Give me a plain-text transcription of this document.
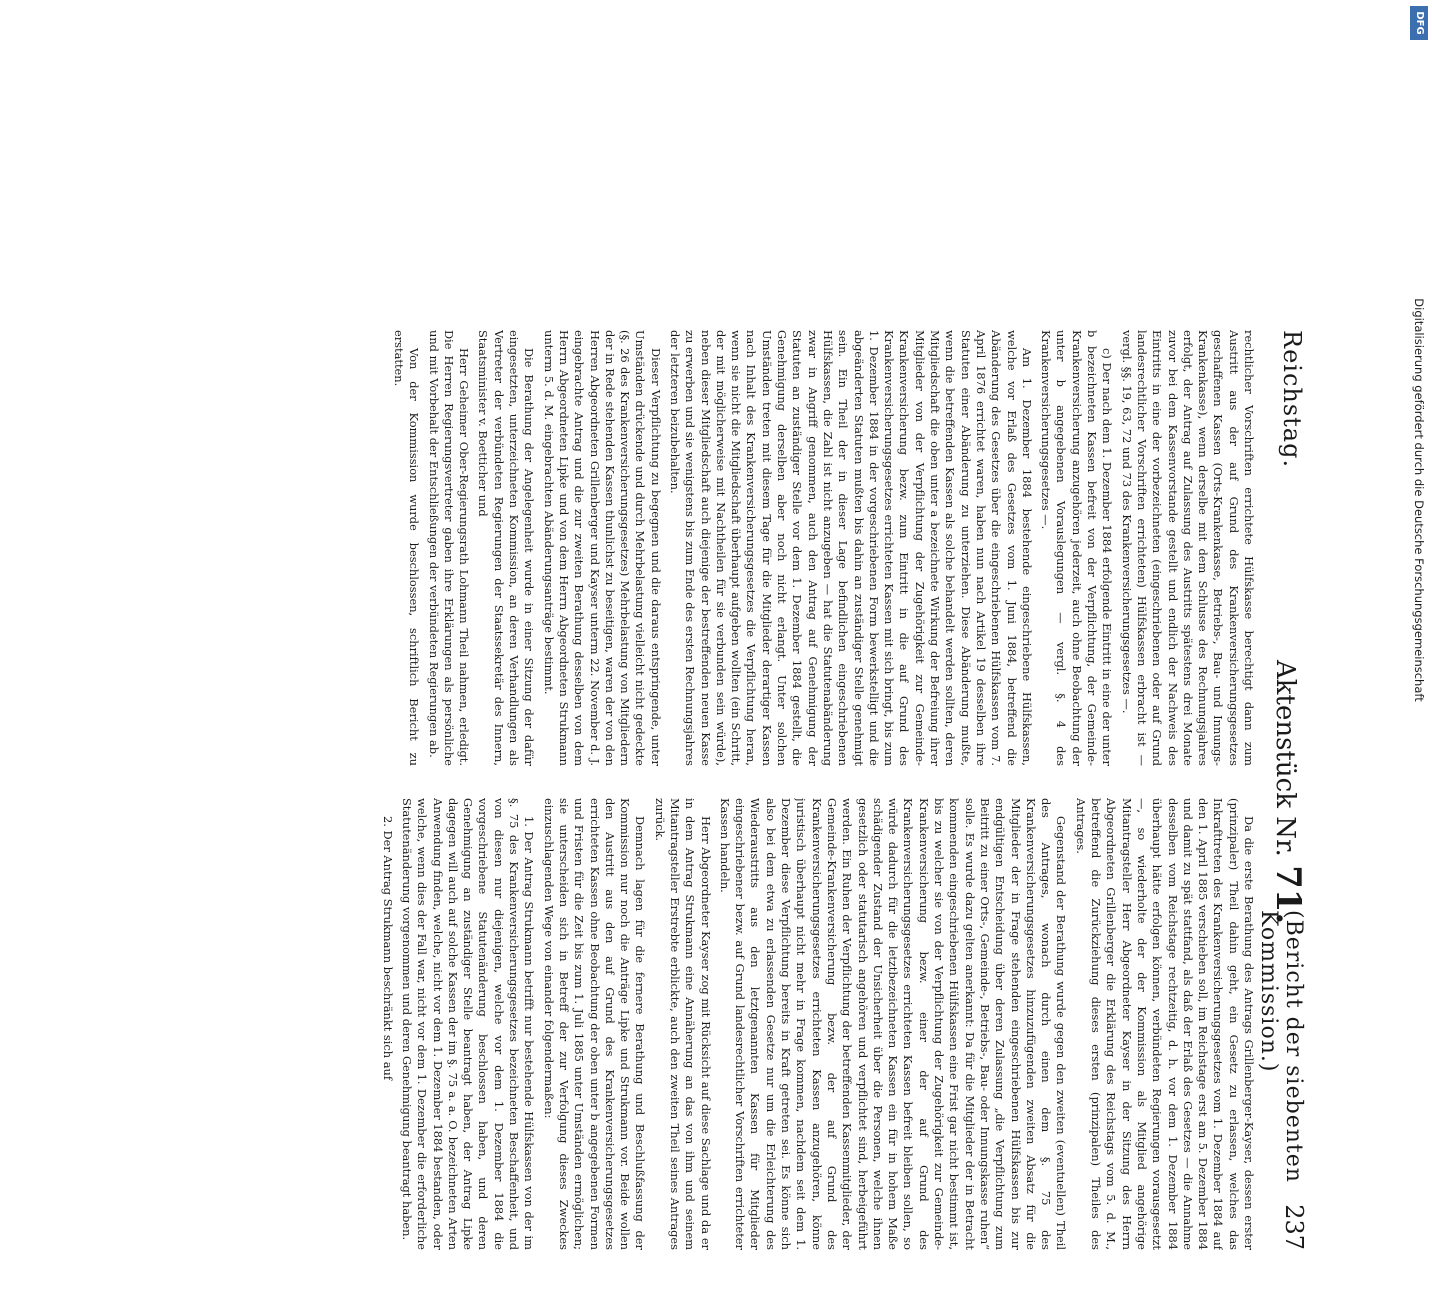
Reichstag.
Aktenstück Nr. 71.
(Bericht der siebenten Kommission.)
237

rechtlicher Vorschriften errichtete Hülfskasse berechtigt dann zum Austritt aus der auf Grund des Krankenversicherungsgesetzes geschaffenen Kassen (Orts-Krankenkasse, Betriebs-, Bau- und Innungs-Krankenkasse), wenn derselbe mit dem Schlusse des Rechnungsjahres erfolgt, der Antrag auf Zulassung des Austritts spätestens drei Monate zuvor bei dem Kassenvorstande gestellt und endlich der Nachweis des Eintritts in eine der vorbezeichneten (eingeschriebenen oder auf Grund landesrechtlicher Vorschriften errichteten) Hülfskassen erbracht ist — vergl. §§. 19, 63, 72 und 73 des Krankenversicherungsgesetzes —.

c) Der nach dem 1. Dezember 1884 erfolgende Eintritt in eine der unter b bezeichneten Kassen befreit von der Verpflichtung, der Gemeinde-Krankenversicherung anzugehören jederzeit, auch ohne Beobachtung der unter b angegebenen Vorauslegungen — vergl. §. 4 des Krankenversicherungsgesetzes —.

Am 1. Dezember 1884 bestehende eingeschriebene Hülfskassen, welche vor Erlaß des Gesetzes vom 1. Juni 1884, betreffend die Abänderung des Gesetzes über die eingeschriebenen Hülfskassen vom 7. April 1876 errichtet waren, haben nun nach Artikel 19 desselben ihre Statuten einer Abänderung zu unterziehen. Diese Abänderung mußte, wenn die betreffenden Kassen als solche behandelt werden sollten, deren Mitgliedschaft die oben unter a bezeichnete Wirkung der Befreiung ihrer Mitglieder von der Verpflichtung der Zugehörigkeit zur Gemeinde-Krankenversicherung bezw. zum Eintritt in die auf Grund des Krankenversicherungsgesetzes errichteten Kassen mit sich bringt, bis zum 1. Dezember 1884 in der vorgeschriebenen Form bewerkstelligt und die abgeänderten Statuten mußten bis dahin an zuständiger Stelle genehmigt sein. Ein Theil der in dieser Lage befindlichen eingeschriebenen Hülfskassen, die Zahl ist nicht anzugeben — hat die Statutenabänderung zwar in Angriff genommen, auch den Antrag auf Genehmigung der Statuten an zuständiger Stelle vor dem 1. Dezember 1884 gestellt, die Genehmigung derselben aber noch nicht erlangt. Unter solchen Umständen treten mit diesem Tage für die Mitglieder derartiger Kassen nach Inhalt des Krankenversicherungsgesetzes die Verpflichtung heran, wenn sie nicht die Mitgliedschaft überhaupt aufgeben wollten (ein Schritt, der mit möglicherweise mit Nachtheilen für sie verbunden sein würde), neben dieser Mitgliedschaft auch diejenige der bestreffenden neuen Kasse zu erwerben und sie wenigstens bis zum Ende des ersten Rechnungsjahres der letzteren beizubehalten.

Dieser Verpflichtung zu begegnen und die daraus entspringende, unter Umständen drückende und durch Mehrbelastung vielleicht nicht gedeckte (§. 26 des Krankenversicherungsgesetzes) Mehrbelastung von Mitgliedern der in Rede stehenden Kassen thunlichst zu beseitigen, waren der von den Herren Abgeordneten Grillenberger und Kayser unterm 22. November d. J. eingebrachte Antrag und die zur zweiten Berathung desselben von dem Herrn Abgeordneten Lipke und von dem Herrn Abgeordneten Strukmann unterm 5. d. M. eingebrachten Abänderungsanträge bestimmt.

Die Berathung der Angelegenheit wurde in einer Sitzung der dafür eingesetzten, unterzeichneten Kommission, an deren Verhandlungen als Vertreter der verbündeten Regierungen der Staatssekretär des Innern, Staatsminister v. Boetticher und

Herr Geheimer Ober-Regierungsrath Lohmann Theil nahmen, erledigt. Die Herren Regierungsvertreter gaben ihre Erklärungen als persönliche und mit Vorbehalt der Entschließungen der verbündeten Regierungen ab.

Von der Kommission wurde beschlossen, schriftlich Bericht zu erstatten.

Da die erste Berathung des Antrags Grillenberger-Kayser, dessen erster (prinzipaler) Theil dahin geht, ein Gesetz zu erlassen, welches das Inkrafttreten des Krankenversicherungsgesetzes vom 1. Dezember 1884 auf den 1. April 1885 verschieben soll, im Reichstage erst am 5. Dezember 1884 und damit zu spät stattfand, als daß der Erlaß des Gesetzes — die Annahme desselben vom Reichstage rechtzeitig, d. h. vor dem 1. Dezember 1884 überhaupt hätte erfolgen können, verbündeten Regierungen vorausgesetzt —, so wiederholte der der Kommission als Mitglied angehörige Mitantragsteller Herr Abgeordneter Kayser in der Sitzung des Herrn Abgeordneten Grillenberger die Erklärung des Reichstags vom 5. d. M., betreffend die Zurückziehung dieses ersten (prinzipalen) Theiles des Antrages.

Gegenstand der Berathung wurde gegen den zweiten (eventuellen) Theil des Antrages, wonach durch einen dem §. 75 des Krankenversicherungsgesetzes hinzuzufügenden zweiten Absatz für die Mitglieder der in Frage stehenden eingeschriebenen Hülfskassen bis zur endgültigen Entscheidung über deren Zulassung „die Verpflichtung zum Beitritt zu einer Orts-, Gemeinde-, Betriebs-, Bau- oder Innungskasse ruhen“ solle. Es wurde dazu gelten anerkannt: Da für die Mitglieder der in Betracht kommenden eingeschriebenen Hülfskassen eine Frist gar nicht bestimmt ist, bis zu welcher sie von der Verpflichtung der Zugehörigkeit zur Gemeinde-Krankenversicherung bezw. einer der auf Grund des Krankenversicherungsgesetzes errichteten Kassen befreit bleiben sollen, so würde dadurch für die letztbezeichneten Kassen ein für in hohem Maße schädigender Zustand der Unsicherheit über die Personen, welche ihnen gesetzlich oder statutarisch angehören und verpflichtet sind, herbeigeführt werden. Ein Ruhen der Verpflichtung der betreffenden Kassenmitglieder, der Gemeinde-Krankenversicherung bezw. der auf Grund des Krankenversicherungsgesetzes errichteten Kassen anzugehören, könne juristisch überhaupt nicht mehr in Frage kommen, nachdem seit dem 1. Dezember diese Verpflichtung bereits in Kraft getreten sei. Es könne sich also bei dem etwa zu erlassenden Gesetze nur um die Erleichterung des Wiederaustritts aus den letztgenannten Kassen für Mitglieder eingeschriebener bezw. auf Grund landesrechtlicher Vorschriften errichteter Kassen handeln.

Herr Abgeordneter Kayser zog mit Rücksicht auf diese Sachlage und da er in dem Antrag Strukmann eine Annäherung an das von ihm und seinem Mitantragsteller Erstrebte erblickte, auch den zweiten Theil seines Antrages zurück.

Demnach lagen für die fernere Berathung und Beschlußfassung der Kommission nur noch die Anträge Lipke und Strukmann vor. Beide wollen den Austritt aus den auf Grund des Krankenversicherungsgesetzes errichteten Kassen ohne Beobachtung der oben unter b angegebenen Formen und Fristen für die Zeit bis zum 1. Juli 1885 unter Umständen ermöglichen; sie unterscheiden sich in Betreff der zur Verfolgung dieses Zweckes einzuschlagenden Wege von einander folgendermaßen:

1. Der Antrag Strukmann betrifft nur bestehende Hülfskassen von der im §. 75 des Krankenversicherungsgesetzes bezeichneten Beschaffenheit, und von diesen nur diejenigen, welche vor dem 1. Dezember 1884 die vorgeschriebene Statutenänderung beschlossen haben, und deren Genehmigung an zuständiger Stelle beantragt haben, der Antrag Lipke dagegen will auch auf solche Kassen der im §. 75 a. a. O. bezeichneten Arten Anwendung finden, welche, nicht vor dem 1. Dezember 1884 bestanden, oder welche, wenn dies der Fall war, nicht vor dem 1. Dezember die erforderliche Statutenänderung vorgenommen und deren Genehmigung beantragt haben.

2. Der Antrag Strukmann beschränkt sich auf

DFG
Digitalisierung gefördert durch die Deutsche Forschungsgemeinschaft
